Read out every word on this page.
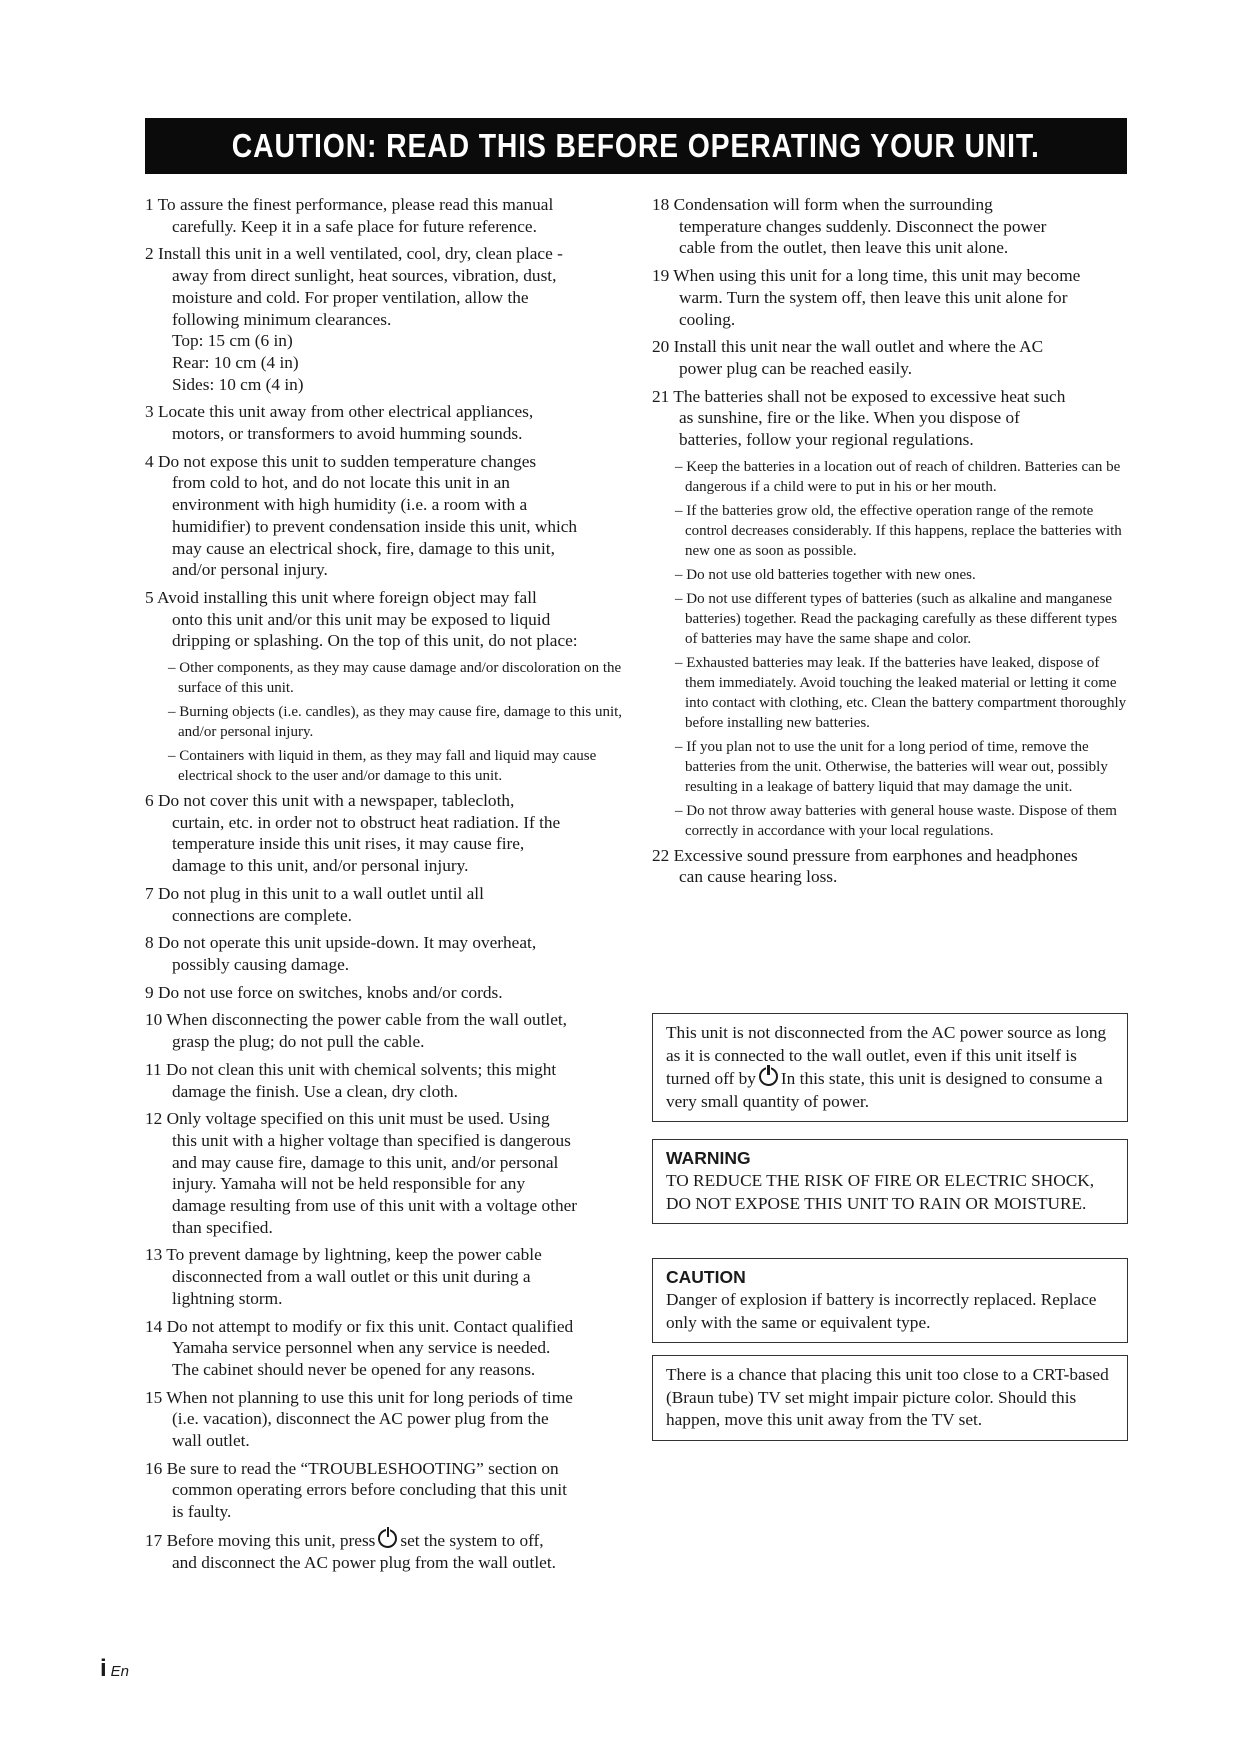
CAUTION: READ THIS BEFORE OPERATING YOUR UNIT.
1 To assure the finest performance, please read this manual
carefully. Keep it in a safe place for future reference.
2 Install this unit in a well ventilated, cool, dry, clean place -
away from direct sunlight, heat sources, vibration, dust,
moisture and cold. For proper ventilation, allow the
following minimum clearances.
Top: 15 cm (6 in)
Rear: 10 cm (4 in)
Sides: 10 cm (4 in)
3 Locate this unit away from other electrical appliances,
motors, or transformers to avoid humming sounds.
4 Do not expose this unit to sudden temperature changes
from cold to hot, and do not locate this unit in an
environment with high humidity (i.e. a room with a
humidifier) to prevent condensation inside this unit, which
may cause an electrical shock, fire, damage to this unit,
and/or personal injury.
5 Avoid installing this unit where foreign object may fall
onto this unit and/or this unit may be exposed to liquid
dripping or splashing. On the top of this unit, do not place:
– Other components, as they may cause damage and/or discoloration on the surface of this unit.
– Burning objects (i.e. candles), as they may cause fire, damage to this unit, and/or personal injury.
– Containers with liquid in them, as they may fall and liquid may cause electrical shock to the user and/or damage to this unit.
6 Do not cover this unit with a newspaper, tablecloth,
curtain, etc. in order not to obstruct heat radiation. If the
temperature inside this unit rises, it may cause fire,
damage to this unit, and/or personal injury.
7 Do not plug in this unit to a wall outlet until all
connections are complete.
8 Do not operate this unit upside-down. It may overheat,
possibly causing damage.
9 Do not use force on switches, knobs and/or cords.
10 When disconnecting the power cable from the wall outlet,
grasp the plug; do not pull the cable.
11 Do not clean this unit with chemical solvents; this might
damage the finish. Use a clean, dry cloth.
12 Only voltage specified on this unit must be used. Using
this unit with a higher voltage than specified is dangerous
and may cause fire, damage to this unit, and/or personal
injury. Yamaha will not be held responsible for any
damage resulting from use of this unit with a voltage other
than specified.
13 To prevent damage by lightning, keep the power cable
disconnected from a wall outlet or this unit during a
lightning storm.
14 Do not attempt to modify or fix this unit. Contact qualified
Yamaha service personnel when any service is needed.
The cabinet should never be opened for any reasons.
15 When not planning to use this unit for long periods of time
(i.e. vacation), disconnect the AC power plug from the
wall outlet.
16 Be sure to read the “TROUBLESHOOTING” section on
common operating errors before concluding that this unit
is faulty.
17 Before moving this unit, press set the system to off,
and disconnect the AC power plug from the wall outlet.
18 Condensation will form when the surrounding
temperature changes suddenly. Disconnect the power
cable from the outlet, then leave this unit alone.
19 When using this unit for a long time, this unit may become
warm. Turn the system off, then leave this unit alone for
cooling.
20 Install this unit near the wall outlet and where the AC
power plug can be reached easily.
21 The batteries shall not be exposed to excessive heat such
as sunshine, fire or the like. When you dispose of
batteries, follow your regional regulations.
– Keep the batteries in a location out of reach of children. Batteries can be dangerous if a child were to put in his or her mouth.
– If the batteries grow old, the effective operation range of the remote control decreases considerably. If this happens, replace the batteries with new one as soon as possible.
– Do not use old batteries together with new ones.
– Do not use different types of batteries (such as alkaline and manganese batteries) together. Read the packaging carefully as these different types of batteries may have the same shape and color.
– Exhausted batteries may leak. If the batteries have leaked, dispose of them immediately. Avoid touching the leaked material or letting it come into contact with clothing, etc. Clean the battery compartment thoroughly before installing new batteries.
– If you plan not to use the unit for a long period of time, remove the batteries from the unit. Otherwise, the batteries will wear out, possibly resulting in a leakage of battery liquid that may damage the unit.
– Do not throw away batteries with general house waste. Dispose of them correctly in accordance with your local regulations.
22 Excessive sound pressure from earphones and headphones
can cause hearing loss.
This unit is not disconnected from the AC power source as long as it is connected to the wall outlet, even if this unit itself is turned off by In this state, this unit is designed to consume a very small quantity of power.
WARNING
TO REDUCE THE RISK OF FIRE OR ELECTRIC SHOCK, DO NOT EXPOSE THIS UNIT TO RAIN OR MOISTURE.
CAUTION
Danger of explosion if battery is incorrectly replaced. Replace only with the same or equivalent type.
There is a chance that placing this unit too close to a CRT-based (Braun tube) TV set might impair picture color. Should this happen, move this unit away from the TV set.
i En
